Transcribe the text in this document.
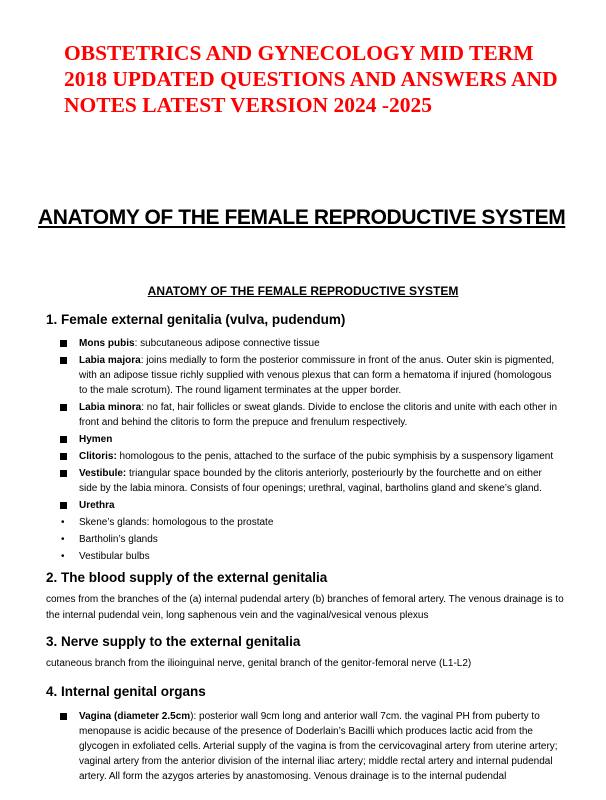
OBSTETRICS AND GYNECOLOGY MID TERM 2018 UPDATED QUESTIONS AND ANSWERS AND NOTES LATEST VERSION 2024 -2025
ANATOMY OF THE FEMALE REPRODUCTIVE SYSTEM

ANATOMY OF THE FEMALE REPRODUCTIVE SYSTEM

1. Female external genitalia (vulva, pudendum)
Mons pubis: subcutaneous adipose connective tissue
Labia majora: joins medially to form the posterior commissure in front of the anus. Outer skin is pigmented, with an adipose tissue richly supplied with venous plexus that can form a hematoma if injured (homologous to the male scrotum). The round ligament terminates at the upper border.
Labia minora: no fat, hair follicles or sweat glands. Divide to enclose the clitoris and unite with each other in front and behind the clitoris to form the prepuce and frenulum respectively.
Hymen
Clitoris: homologous to the penis, attached to the surface of the pubic symphisis by a suspensory ligament
Vestibule: triangular space bounded by the clitoris anteriorly, posteriourly by the fourchette and on either side by the labia minora. Consists of four openings; urethral, vaginal, bartholins gland and skene’s gland.
Urethra
• Skene’s glands: homologous to the prostate
• Bartholin’s glands
• Vestibular bulbs
2. The blood supply of the external genitalia

comes from the branches of the (a) internal pudendal artery (b) branches of femoral artery. The venous drainage is to the internal pudendal vein, long saphenous vein and the vaginal/vesical venous plexus

3. Nerve supply to the external genitalia

cutaneous branch from the ilioinguinal nerve, genital branch of the genitor-femoral nerve (L1-L2)

4. Internal genital organs
Vagina (diameter 2.5cm): posterior wall 9cm long and anterior wall 7cm. the vaginal PH from puberty to menopause is acidic because of the presence of Doderlain’s Bacilli which produces lactic acid from the glycogen in exfoliated cells. Arterial supply of the vagina is from the cervicovaginal artery from uterine artery; vaginal artery from the anterior division of the internal iliac artery; middle rectal artery and internal pudendal artery. All form the azygos arteries by anastomosing. Venous drainage is to the internal pudendal
